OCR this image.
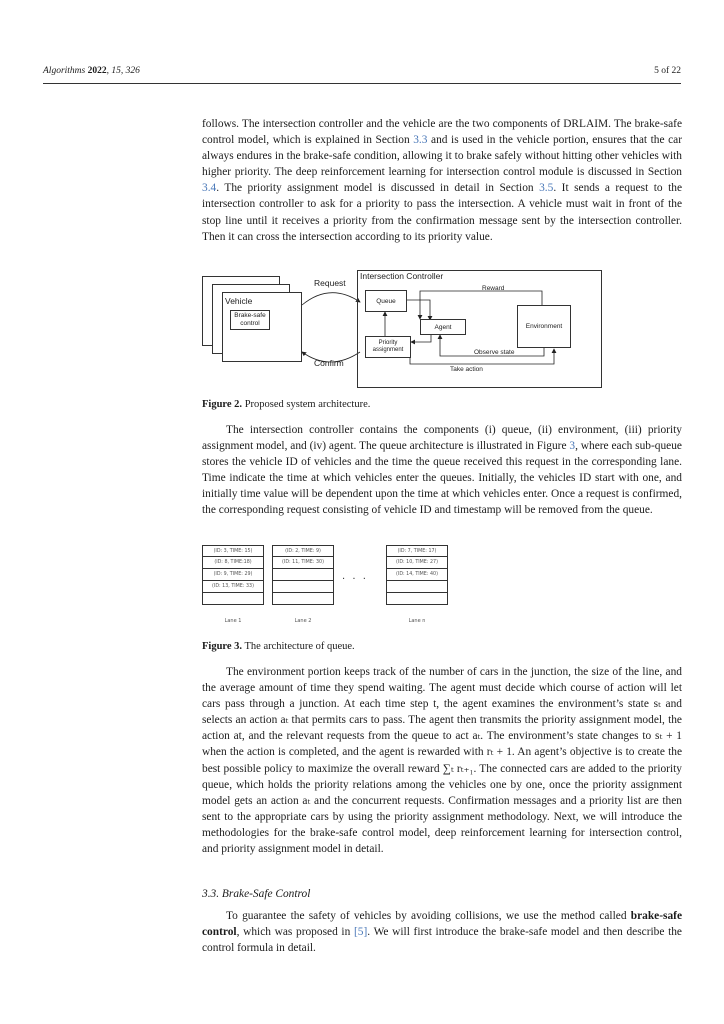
Algorithms 2022, 15, 326	5 of 22

follows. The intersection controller and the vehicle are the two components of DRLAIM. The brake-safe control model, which is explained in Section 3.3 and is used in the vehicle portion, ensures that the car always endures in the brake-safe condition, allowing it to brake safely without hitting other vehicles with higher priority. The deep reinforcement learning for intersection control module is discussed in Section 3.4. The priority assignment model is discussed in detail in Section 3.5. It sends a request to the intersection controller to ask for a priority to pass the intersection. A vehicle must wait in front of the stop line until it receives a priority from the confirmation message sent by the intersection controller. Then it can cross the intersection according to its priority value.

Vehicle
Brake-safe control
Intersection Controller
Queue
Agent	Environment
Priority assignment
Request
Confirm
Reward
Observe state
Take action
Figure 2. Proposed system architecture.

The intersection controller contains the components (i) queue, (ii) environment, (iii) priority assignment model, and (iv) agent. The queue architecture is illustrated in Figure 3, where each sub-queue stores the vehicle ID of vehicles and the time the queue received this request in the corresponding lane. Time indicate the time at which vehicles enter the queues. Initially, the vehicles ID start with one, and initially time value will be dependent upon the time at which vehicles enter. Once a request is confirmed, the corresponding request consisting of vehicle ID and timestamp will be removed from the queue.

(ID: 3, TIME: 15)
(ID: 8, TIME:18)
(ID: 9, TIME: 29)
(ID: 13, TIME: 33)
(ID: 2, TIME: 9)
(ID: 11, TIME: 30)
(ID: 7, TIME: 17)
(ID: 10, TIME: 27)
(ID: 14, TIME: 40)
· · ·
Lane 1	Lane 2	Lane n
Figure 3. The architecture of queue.

The environment portion keeps track of the number of cars in the junction, the size of the line, and the average amount of time they spend waiting. The agent must decide which course of action will let cars pass through a junction. At each time step t, the agent examines the environment’s state sₜ and selects an action aₜ that permits cars to pass. The agent then transmits the priority assignment model, the action at, and the relevant requests from the queue to act aₜ. The environment’s state changes to sₜ + 1 when the action is completed, and the agent is rewarded with rₜ + 1. An agent’s objective is to create the best possible policy to maximize the overall reward ∑ₜ rₜ₊₁. The connected cars are added to the priority queue, which holds the priority relations among the vehicles one by one, once the priority assignment model gets an action aₜ and the concurrent requests. Confirmation messages and a priority list are then sent to the appropriate cars by using the priority assignment methodology. Next, we will introduce the methodologies for the brake-safe control model, deep reinforcement learning for intersection control, and priority assignment model in detail.

3.3. Brake-Safe Control

To guarantee the safety of vehicles by avoiding collisions, we use the method called brake-safe control, which was proposed in [5]. We will first introduce the brake-safe model and then describe the control formula in detail.
